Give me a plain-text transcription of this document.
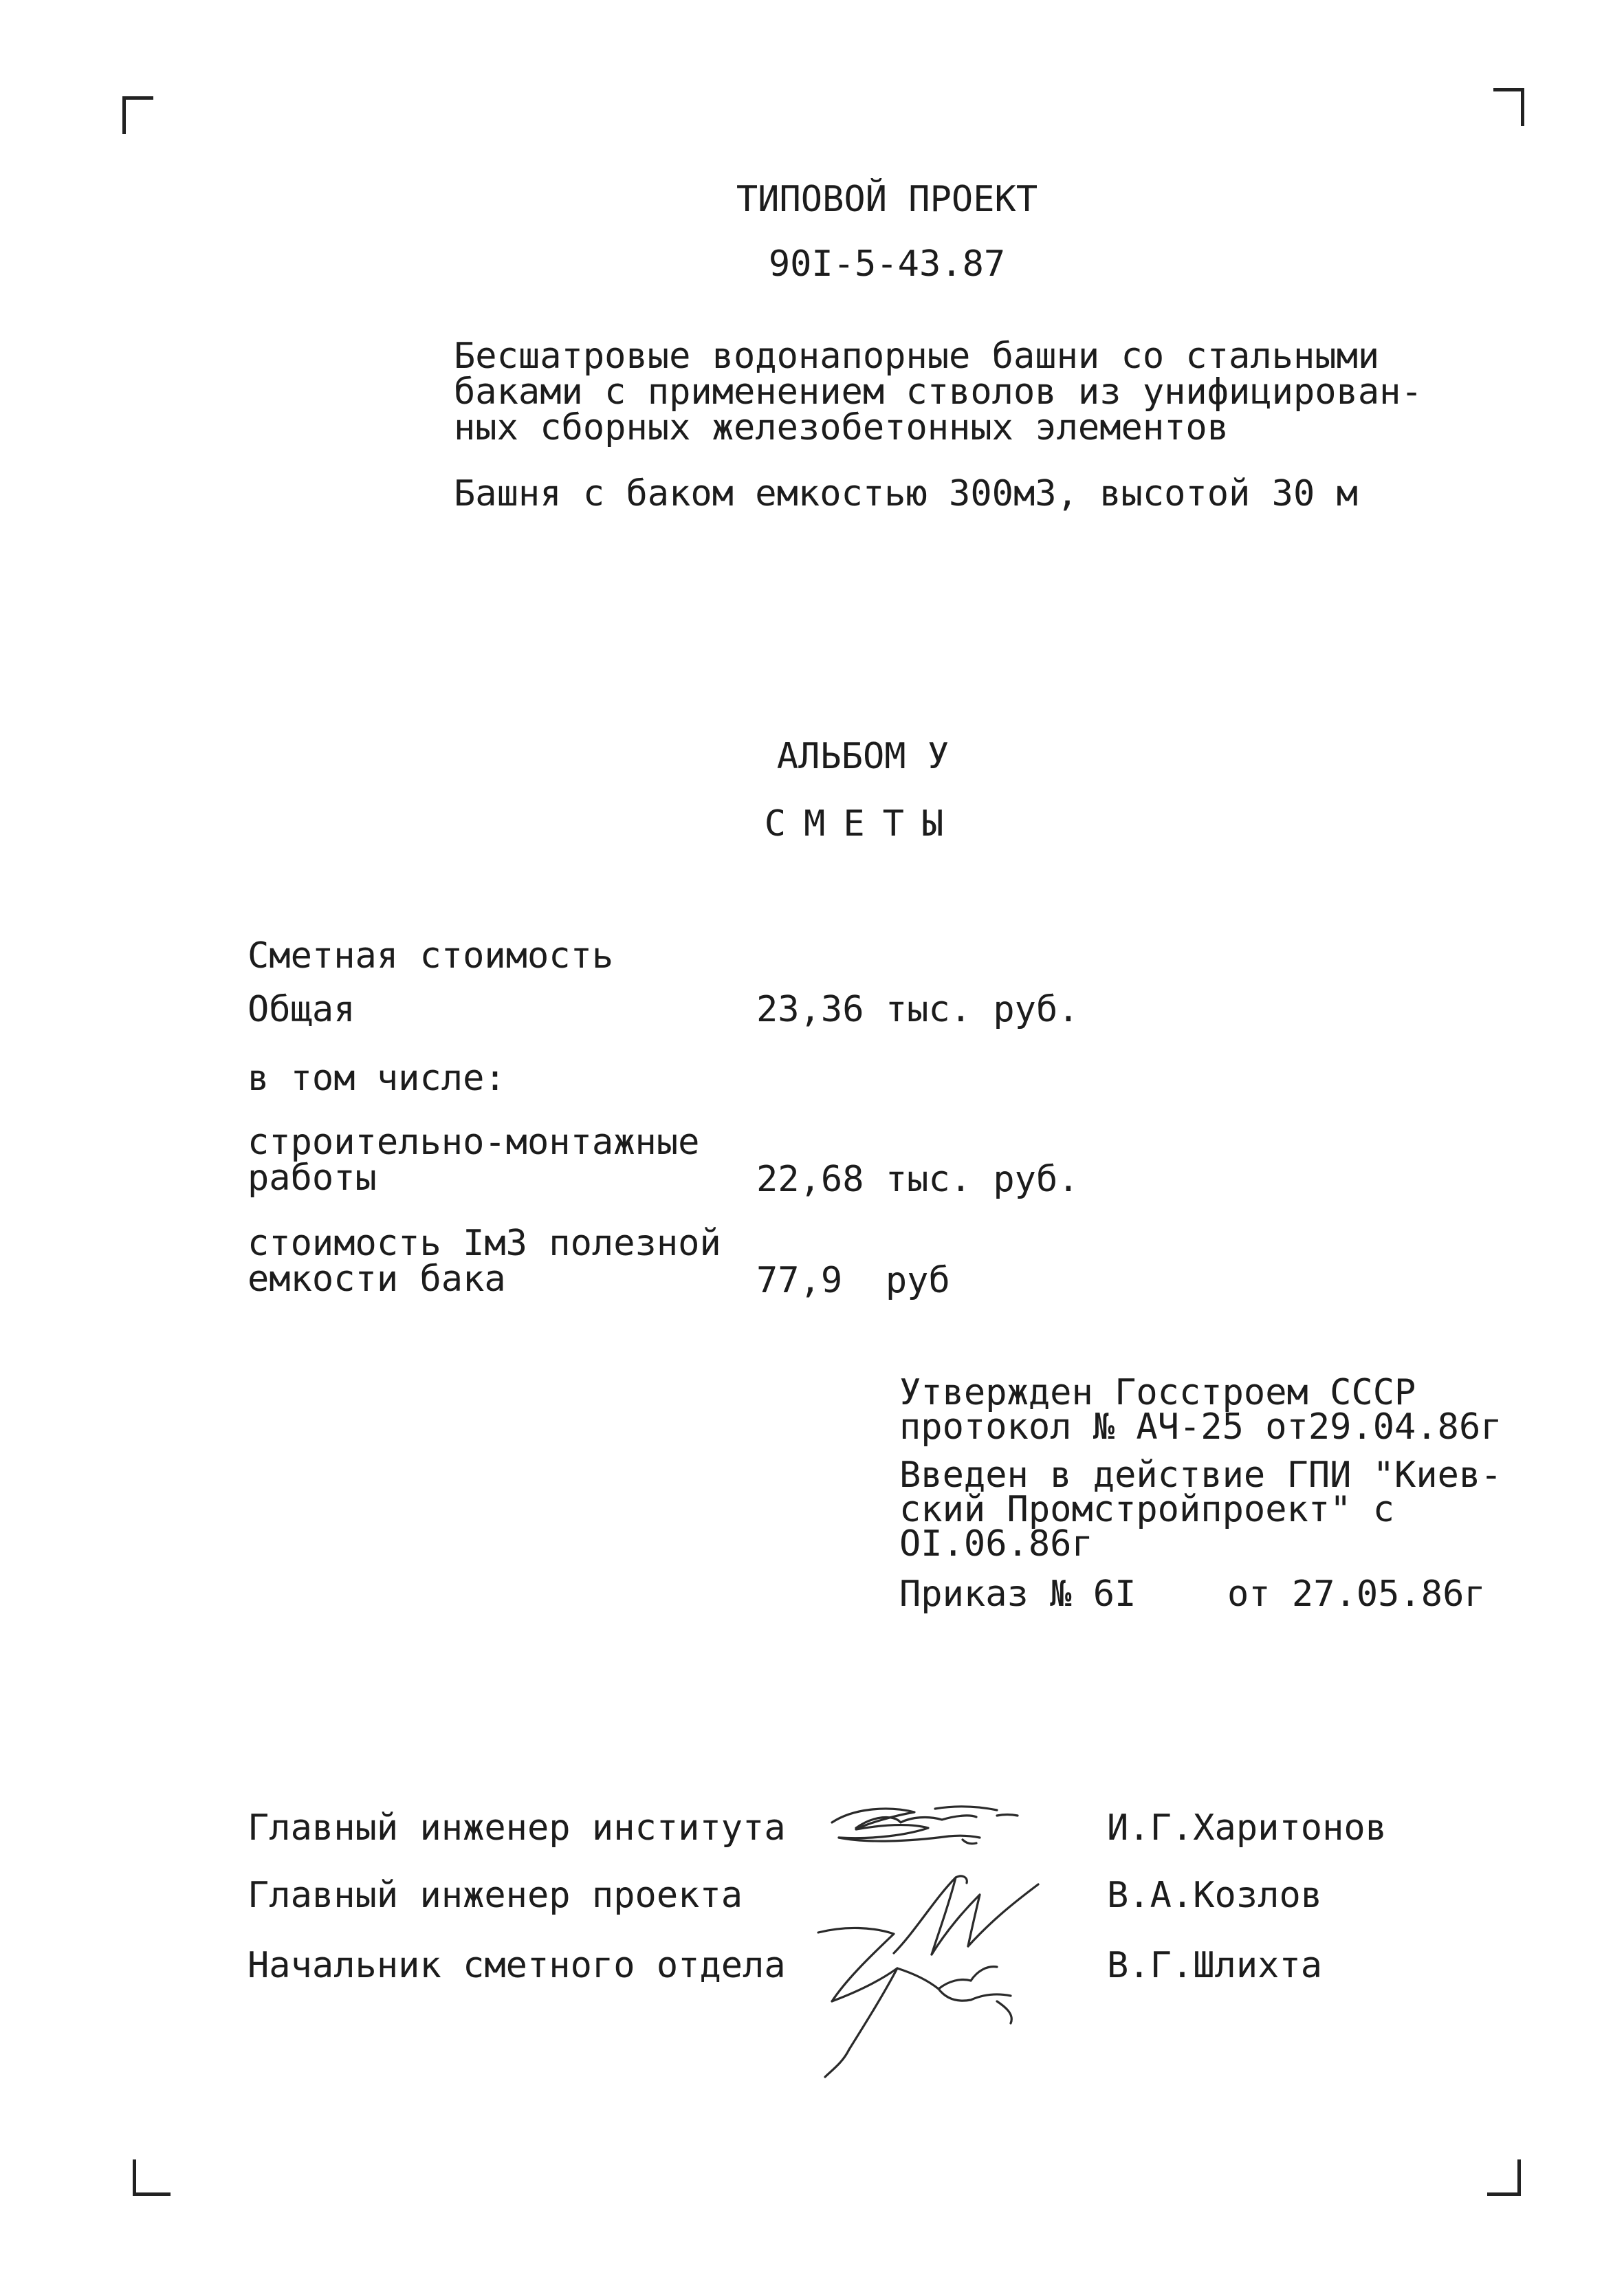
ТИПОВОЙ ПРОЕКТ
90I-5-43.87
Бесшатровые водонапорные башни со стальными
баками с применением стволов из унифицирован-
ных сборных железобетонных элементов
Башня с баком емкостью 300м3, высотой 30 м
АЛЬБОМ У
СМЕТЫ
Сметная стоимость
Общая	23,36 тыс. руб.
в том числе:
строительно-монтажные
работы	22,68 тыс. руб.
стоимость Iм3 полезной
емкости бака	77,9  руб
Утвержден Госстроем СССР
протокол № АЧ-25 от29.04.86г
Введен в действие ГПИ "Киев-
ский Промстройпроект" с
ОI.06.86г
Приказ № 6I	от 27.05.86г
Главный инженер института	И.Г.Харитонов
Главный инженер проекта	В.А.Козлов
Начальник сметного отдела	В.Г.Шлихта
